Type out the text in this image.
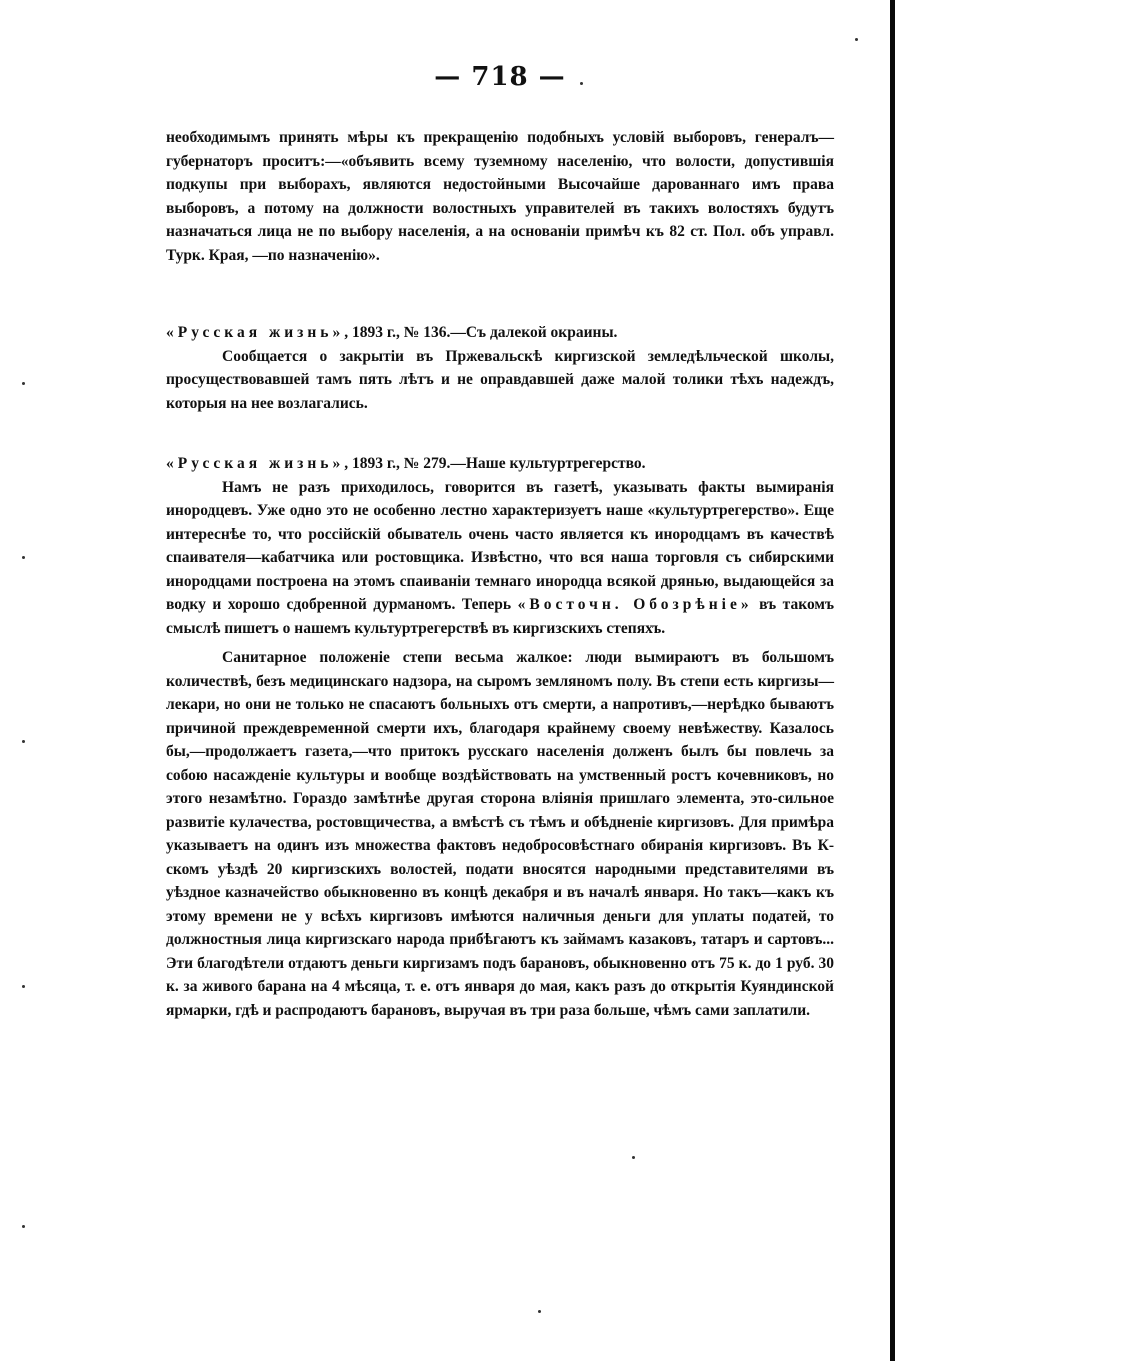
— 718 —

необходимымъ принять мѣры къ прекращенію подобныхъ условій выборовъ, генералъ—губернаторъ проситъ:—«объявить всему туземному населенію, что волости, допустившія подкупы при выборахъ, являются недостойными Высочайше дарованнаго имъ права выборовъ, а потому на должности волостныхъ управителей въ такихъ волостяхъ будутъ назначаться лица не по выбору населенія, а на основаніи примѣч къ 82 ст. Пол. объ управл. Турк. Края, —по назначенію».

«Русская жизнь», 1893 г., № 136.—Съ далекой окраины.

Сообщается о закрытіи въ Пржевальскѣ киргизской земледѣльческой школы, просуществовавшей тамъ пять лѣтъ и не оправдавшей даже малой толики тѣхъ надеждъ, которыя на нее возлагались.

«Русская жизнь», 1893 г., № 279.—Наше культуртрегерство.

Намъ не разъ приходилось, говорится въ газетѣ, указывать факты вымиранія инородцевъ. Уже одно это не особенно лестно характеризуетъ наше «культуртрегерство». Еще интереснѣе то, что россійскій обыватель очень часто является къ инородцамъ въ качествѣ спаивателя—кабатчика или ростовщика. Извѣстно, что вся наша торговля съ сибирскими инородцами построена на этомъ спаиваніи темнаго инородца всякой дрянью, выдающейся за водку и хорошо сдобренной дурманомъ. Теперь «Восточн. Обозрѣніе» въ такомъ смыслѣ пишетъ о нашемъ культуртрегерствѣ въ киргизскихъ степяхъ.

Санитарное положеніе степи весьма жалкое: люди вымираютъ въ большомъ количествѣ, безъ медицинскаго надзора, на сыромъ земляномъ полу. Въ степи есть киргизы—лекари, но они не только не спасаютъ больныхъ отъ смерти, а напротивъ,—нерѣдко бываютъ причиной преждевременной смерти ихъ, благодаря крайнему своему невѣжеству. Казалось бы,—продолжаетъ газета,—что притокъ русскаго населенія долженъ былъ бы повлечь за собою насажденіе культуры и вообще воздѣйствовать на умственный ростъ кочевниковъ, но этого незамѣтно. Гораздо замѣтнѣе другая сторона вліянія пришлаго элемента, это-сильное развитіе кулачества, ростовщичества, а вмѣстѣ съ тѣмъ и обѣдненіе киргизовъ. Для примѣра указываетъ на одинъ изъ множества фактовъ недобросовѣстнаго обиранія киргизовъ. Въ К-скомъ уѣздѣ 20 киргизскихъ волостей, подати вносятся народными представителями въ уѣздное казначейство обыкновенно въ концѣ декабря и въ началѣ января. Но такъ—какъ къ этому времени не у всѣхъ киргизовъ имѣются наличныя деньги для уплаты податей, то должностныя лица киргизскаго народа прибѣгаютъ къ займамъ казаковъ, татаръ и сартовъ... Эти благодѣтели отдаютъ деньги киргизамъ подъ барановъ, обыкновенно отъ 75 к. до 1 руб. 30 к. за живого барана на 4 мѣсяца, т. е. отъ января до мая, какъ разъ до открытія Куяндинской ярмарки, гдѣ и распродаютъ барановъ, выручая въ три раза больше, чѣмъ сами заплатили.
